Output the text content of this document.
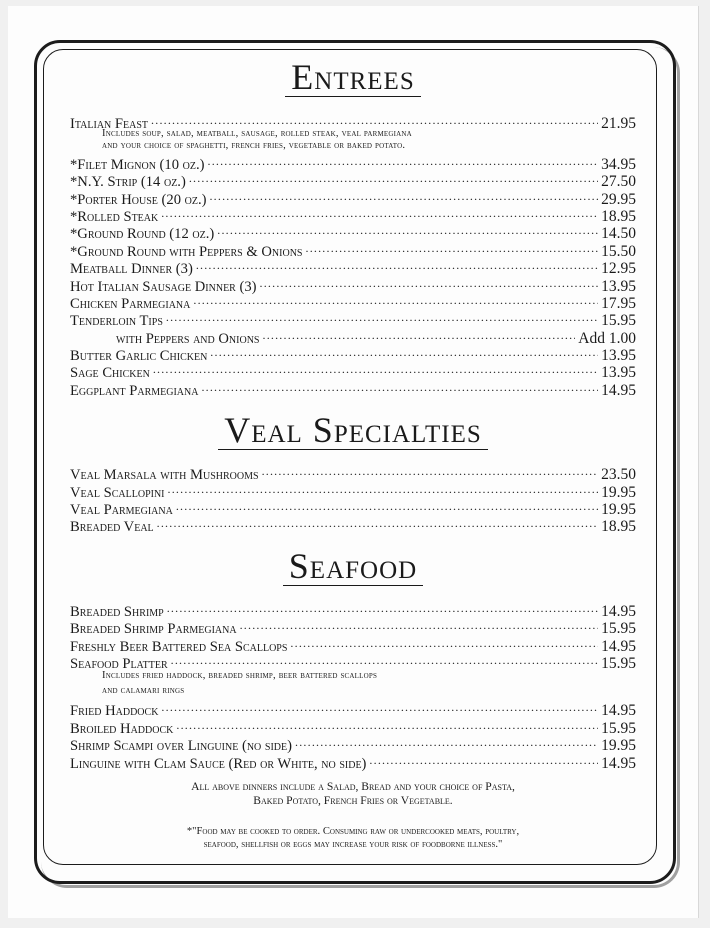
Entrees
Italian Feast .....	21.95
Includes soup, salad, meatball, sausage, rolled steak, veal parmegiana
and your choice of spaghetti, french fries, vegetable or baked potato.
*Filet Mignon (10 oz.) .....	34.95
*N.Y. Strip (14 oz.) .....	27.50
*Porter House (20 oz.) .....	29.95
*Rolled Steak .....	18.95
*Ground Round (12 oz.) .....	14.50
*Ground Round with Peppers & Onions .....	15.50
Meatball Dinner (3) .....	12.95
Hot Italian Sausage Dinner (3) .....	13.95
Chicken Parmegiana .....	17.95
Tenderloin Tips .....	15.95
with Peppers and Onions .....	Add 1.00
Butter Garlic Chicken .....	13.95
Sage Chicken .....	13.95
Eggplant Parmegiana .....	14.95
Veal Specialties
Veal Marsala with Mushrooms .....	23.50
Veal Scallopini .....	19.95
Veal Parmegiana .....	19.95
Breaded Veal .....	18.95
Seafood
Breaded Shrimp .....	14.95
Breaded Shrimp Parmegiana .....	15.95
Freshly Beer Battered Sea Scallops .....	14.95
Seafood Platter .....	15.95
Includes fried haddock, breaded shrimp, beer battered scallops
and calamari rings
Fried Haddock .....	14.95
Broiled Haddock .....	15.95
Shrimp Scampi over Linguine (no side) .....	19.95
Linguine with Clam Sauce (Red or White, no side) .....	14.95
All above dinners include a Salad, Bread and your choice of Pasta,
Baked Potato, French Fries or Vegetable.
*"Food may be cooked to order. Consuming raw or undercooked meats, poultry,
seafood, shellfish or eggs may increase your risk of foodborne illness."
